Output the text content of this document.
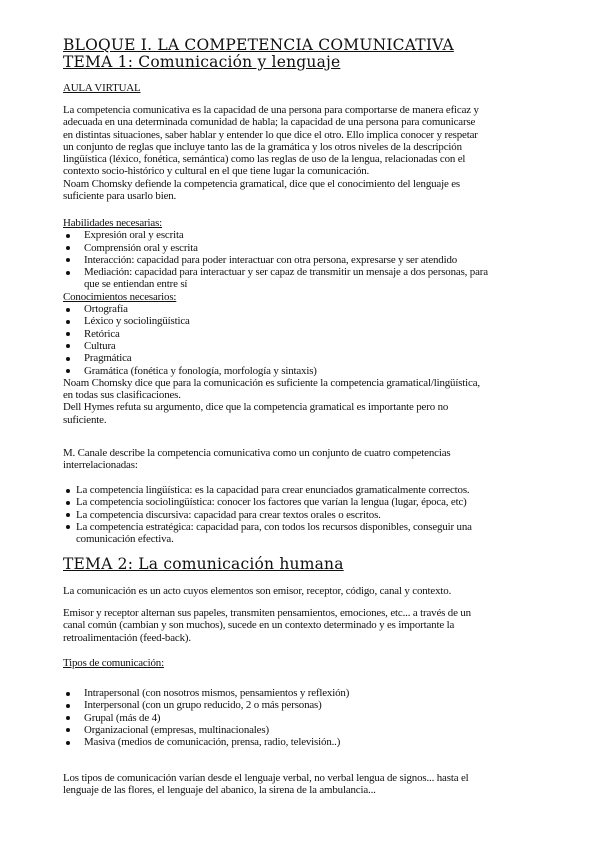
BLOQUE I. LA COMPETENCIA COMUNICATIVA
TEMA 1: Comunicación y lenguaje
AULA VIRTUAL
La competencia comunicativa es la capacidad de una persona para comportarse de manera eficaz y
adecuada en una determinada comunidad de habla; la capacidad de una persona para comunicarse
en distintas situaciones, saber hablar y entender lo que dice el otro. Ello implica conocer y respetar
un conjunto de reglas que incluye tanto las de la gramática y los otros niveles de la descripción
lingüística (léxico, fonética, semántica) como las reglas de uso de la lengua, relacionadas con el
contexto socio-histórico y cultural en el que tiene lugar la comunicación.
Noam Chomsky defiende la competencia gramatical, dice que el conocimiento del lenguaje es
suficiente para usarlo bien.
Habilidades necesarias:
Expresión oral y escrita
Comprensión oral y escrita
Interacción: capacidad para poder interactuar con otra persona, expresarse y ser atendido
Mediación: capacidad para interactuar y ser capaz de transmitir un mensaje a dos personas, para
que se entiendan entre sí
Conocimientos necesarios:
Ortografía
Léxico y sociolingüística
Retórica
Cultura
Pragmática
Gramática (fonética y fonología, morfología y sintaxis)
Noam Chomsky dice que para la comunicación es suficiente la competencia gramatical/lingüística,
en todas sus clasificaciones.
Dell Hymes refuta su argumento, dice que la competencia gramatical es importante pero no
suficiente.
M. Canale describe la competencia comunicativa como un conjunto de cuatro competencias
interrelacionadas:
La competencia lingüística: es la capacidad para crear enunciados gramaticalmente correctos.
La competencia sociolingüística: conocer los factores que varían la lengua (lugar, época, etc)
La competencia discursiva: capacidad para crear textos orales o escritos.
La competencia estratégica: capacidad para, con todos los recursos disponibles, conseguir una
comunicación efectiva.
TEMA 2: La comunicación humana
La comunicación es un acto cuyos elementos son emisor, receptor, código, canal y contexto.
Emisor y receptor alternan sus papeles, transmiten pensamientos, emociones, etc... a través de un
canal común (cambian y son muchos), sucede en un contexto determinado y es importante la
retroalimentación (feed-back).
Tipos de comunicación:
Intrapersonal (con nosotros mismos, pensamientos y reflexión)
Interpersonal (con un grupo reducido, 2 o más personas)
Grupal (más de 4)
Organizacional (empresas, multinacionales)
Masiva (medios de comunicación, prensa, radio, televisión..)
Los tipos de comunicación varían desde el lenguaje verbal, no verbal lengua de signos... hasta el
lenguaje de las flores, el lenguaje del abanico, la sirena de la ambulancia...
